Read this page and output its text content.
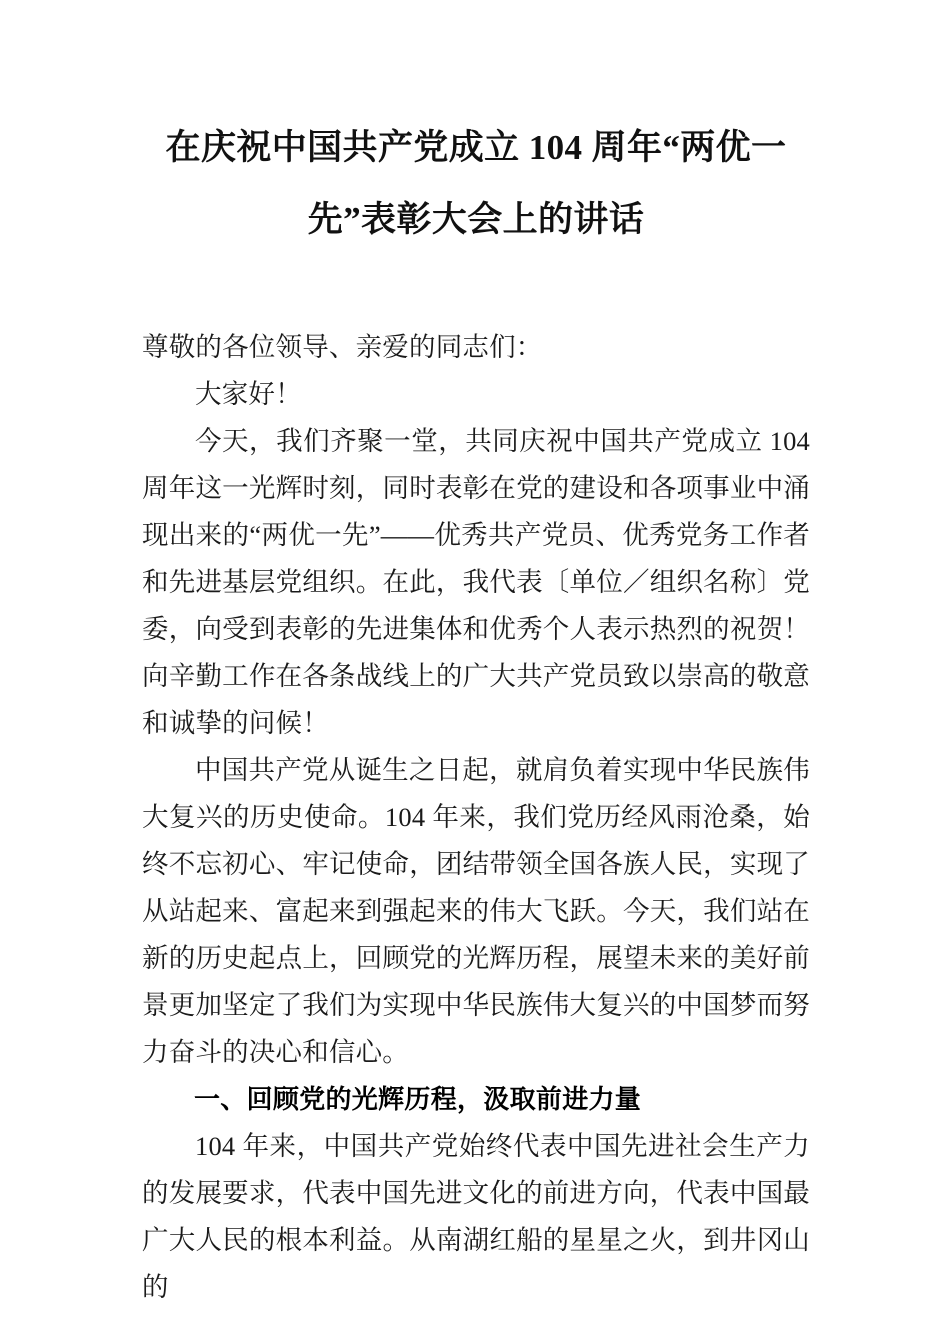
在庆祝中国共产党成立 104 周年“两优一
先”表彰大会上的讲话

尊敬的各位领导、亲爱的同志们：

大家好！

今天，我们齐聚一堂，共同庆祝中国共产党成立 104 周年这一光辉时刻，同时表彰在党的建设和各项事业中涌现出来的“两优一先”——优秀共产党员、优秀党务工作者和先进基层党组织。在此，我代表〔单位／组织名称〕党委，向受到表彰的先进集体和优秀个人表示热烈的祝贺！向辛勤工作在各条战线上的广大共产党员致以崇高的敬意和诚挚的问候！

中国共产党从诞生之日起，就肩负着实现中华民族伟大复兴的历史使命。104 年来，我们党历经风雨沧桑，始终不忘初心、牢记使命，团结带领全国各族人民，实现了从站起来、富起来到强起来的伟大飞跃。今天，我们站在新的历史起点上，回顾党的光辉历程，展望未来的美好前景更加坚定了我们为实现中华民族伟大复兴的中国梦而努力奋斗的决心和信心。

一、回顾党的光辉历程，汲取前进力量

104 年来，中国共产党始终代表中国先进社会生产力的发展要求，代表中国先进文化的前进方向，代表中国最广大人民的根本利益。从南湖红船的星星之火，到井冈山的
